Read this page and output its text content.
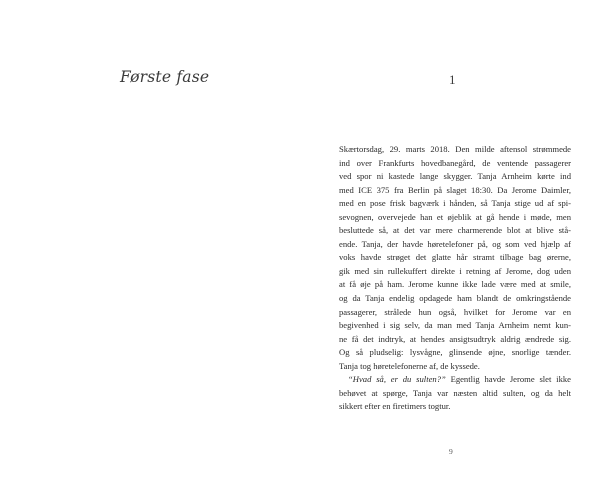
Første fase	1
Skærtorsdag, 29. marts 2018. Den milde aftensol strømmede
ind over Frankfurts hovedbanegård, de ventende passagerer
ved spor ni kastede lange skygger. Tanja Arnheim kørte ind
med ICE 375 fra Berlin på slaget 18:30. Da Jerome Daimler,
med en pose frisk bagværk i hånden, så Tanja stige ud af spi-
sevognen, overvejede han et øjeblik at gå hende i møde, men
besluttede så, at det var mere charmerende blot at blive stå-
ende. Tanja, der havde høretelefoner på, og som ved hjælp af
voks havde strøget det glatte hår stramt tilbage bag ørerne,
gik med sin rullekuffert direkte i retning af Jerome, dog uden
at få øje på ham. Jerome kunne ikke lade være med at smile,
og da Tanja endelig opdagede ham blandt de omkringstående
passagerer, strålede hun også, hvilket for Jerome var en
begivenhed i sig selv, da man med Tanja Arnheim nemt kun-
ne få det indtryk, at hendes ansigtsudtryk aldrig ændrede sig.
Og så pludselig: lysvågne, glinsende øjne, snorlige tænder.
Tanja tog høretelefonerne af, de kyssede.
“Hvad så, er du sulten?” Egentlig havde Jerome slet ikke
behøvet at spørge, Tanja var næsten altid sulten, og da helt
sikkert efter en firetimers togtur.
9
